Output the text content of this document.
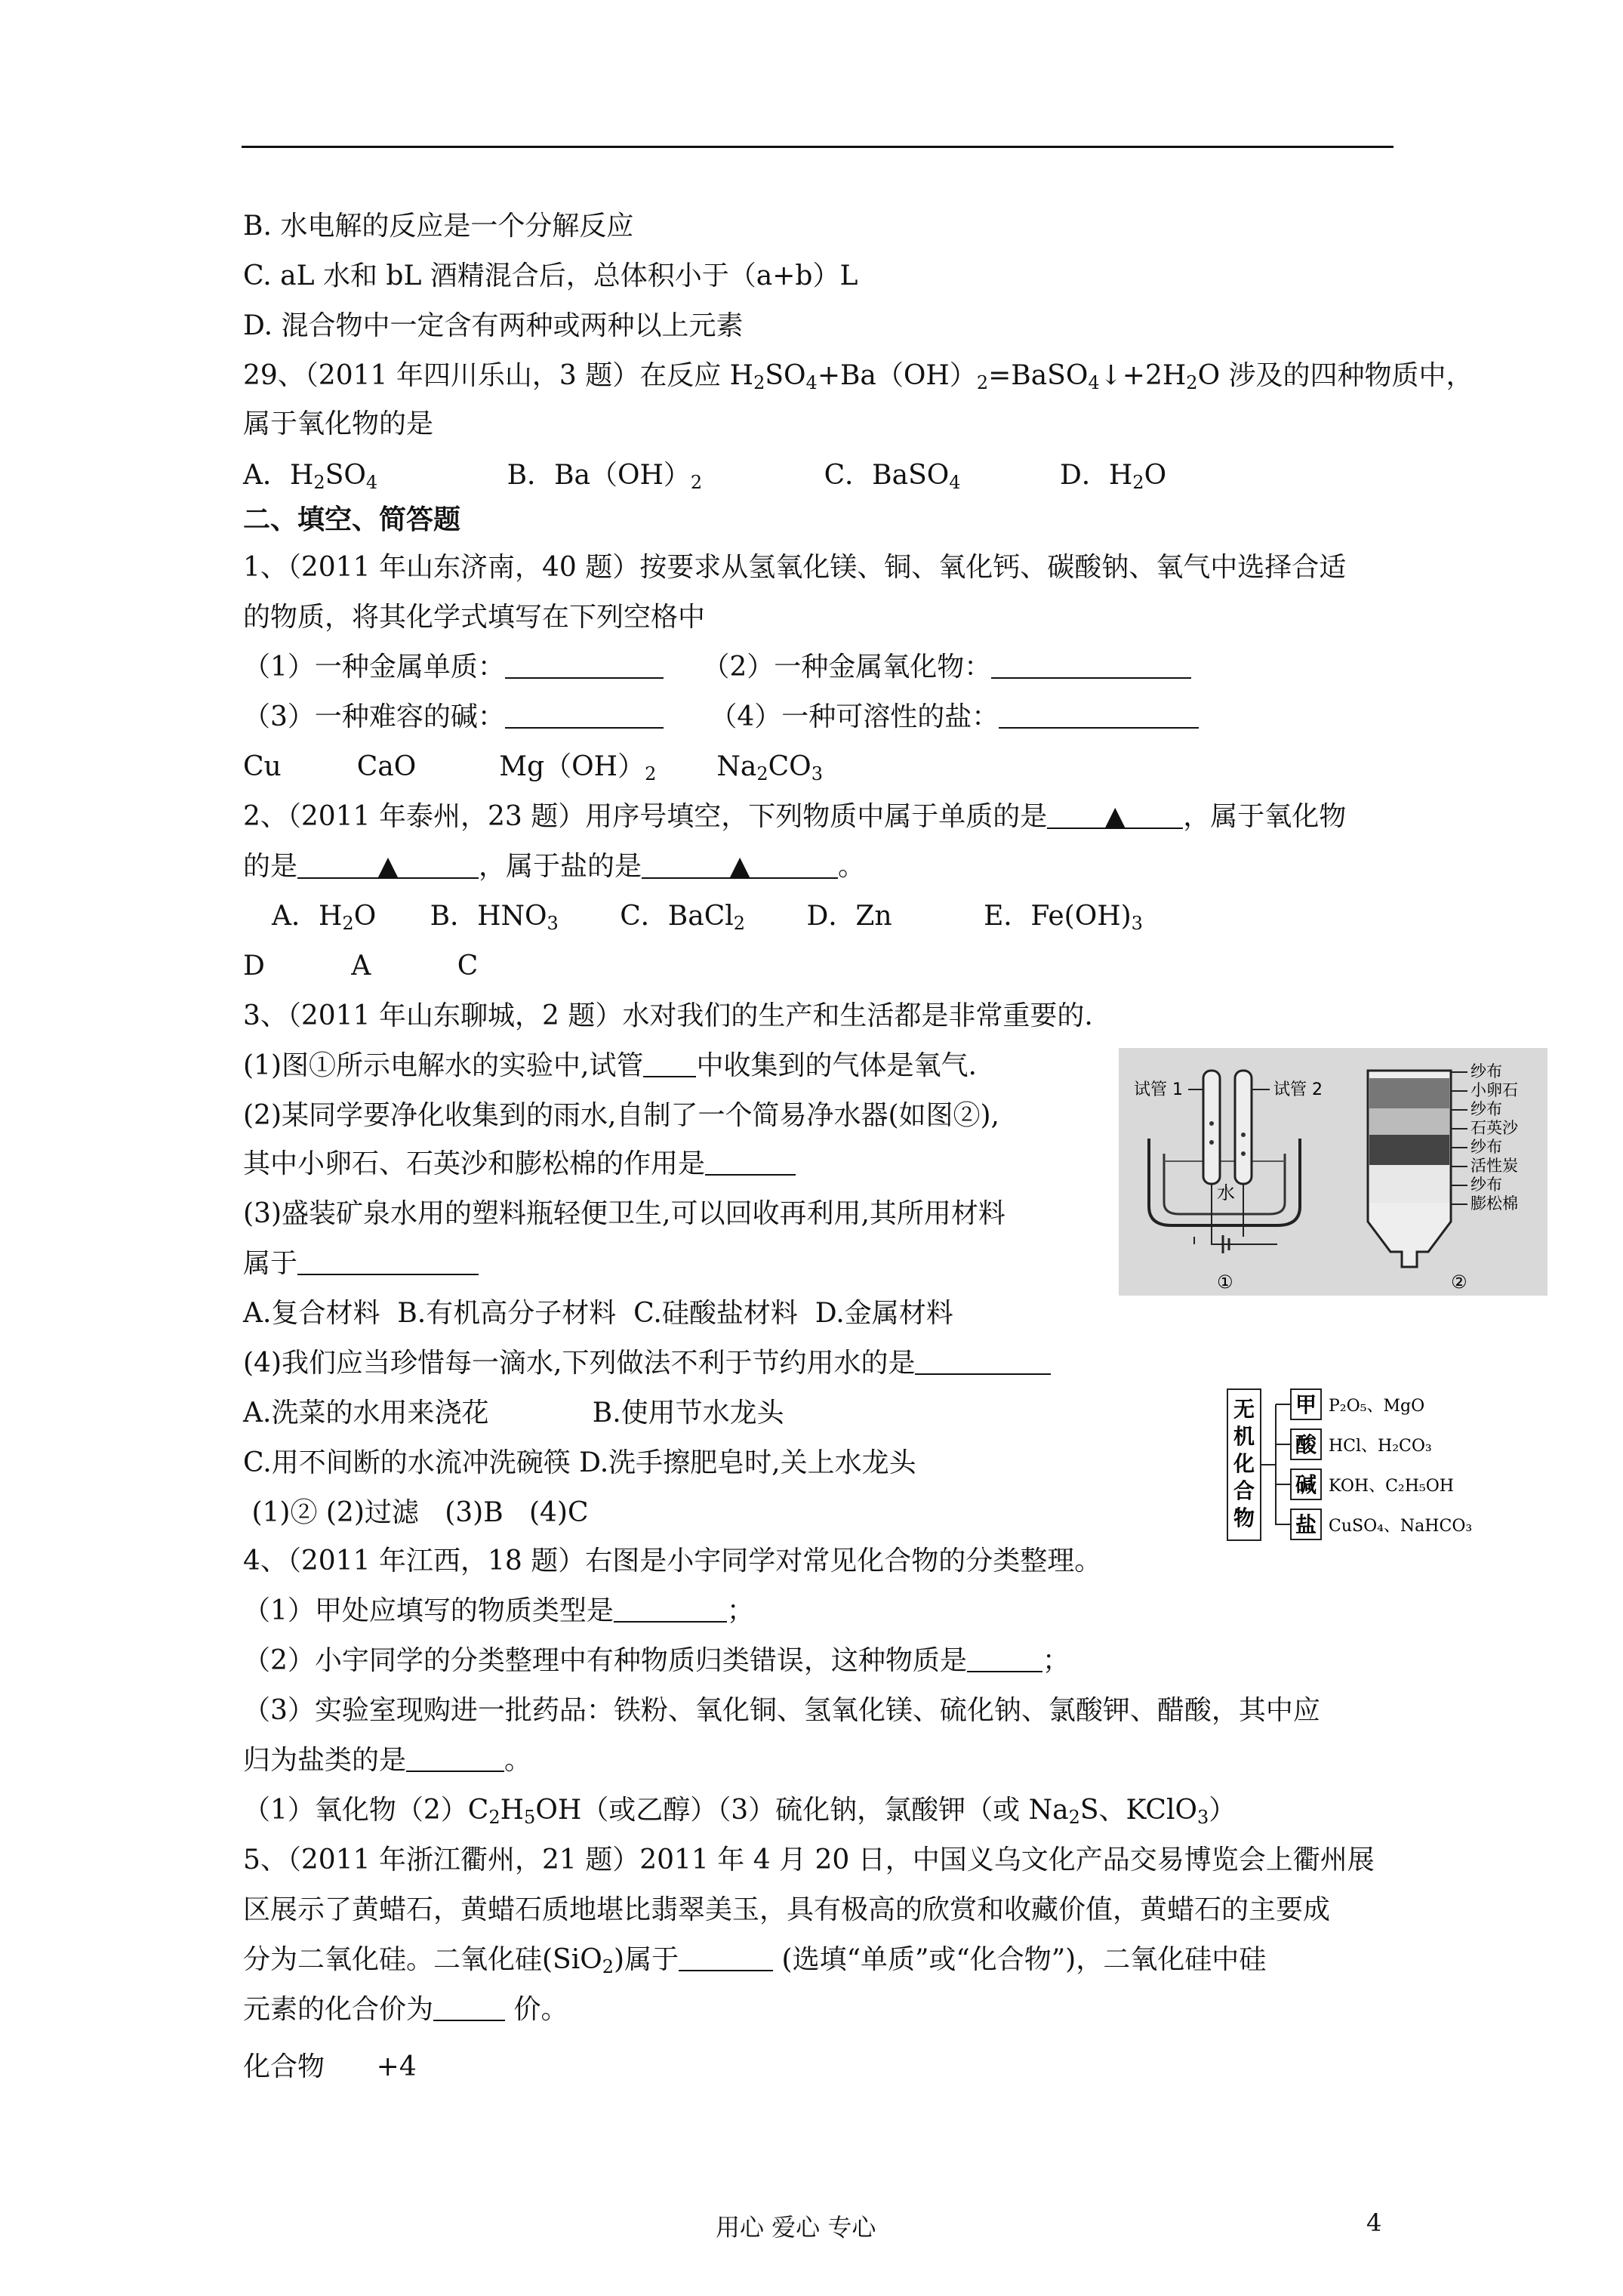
B. 水电解的反应是一个分解反应
C. aL 水和 bL 酒精混合后，总体积小于（a+b）L
D. 混合物中一定含有两种或两种以上元素
29、（2011 年四川乐山，3 题）在反应 $H_2SO_4+Ba(OH)_2=BaSO_4↓+2H_2O$ 涉及的四种物质中，
属于氧化物的是
A．$H_2SO_4$	B．$Ba(OH)_2$	C．BaSO$_4$	D．$H_2O$
二、填空、简答题
1、（2011 年山东济南，40 题）按要求从氢氧化镁、铜、氧化钙、碳酸钠、氧气中选择合适
的物质，将其化学式填写在下列空格中
（1）一种金属单质：	（2）一种金属氧化物：
（3）一种难容的碱：	（4）一种可溶性的盐：
Cu	CaO	$Mg(OH)_2$ $Na_2CO_3$
2、（2011 年泰州，23 题）用序号填空，下列物质中属于单质的是 ▲ ，属于氧化物
的是	▲	，属于盐的是	▲	。
A．$H_2O$ B．$HNO_3$ C．BaCl$_2$ D．Zn	E．$Fe(OH)_3$
D          A          C
3、（2011 年山东聊城，2 题）水对我们的生产和生活都是非常重要的.
(1)图①所示电解水的实验中,试管 中收集到的气体是氧气.
(2)某同学要净化收集到的雨水,自制了一个简易净水器(如图②),
其中小卵石、石英沙和膨松棉的作用是
(3)盛装矿泉水用的塑料瓶轻便卫生,可以回收再利用,其所用材料
属于
A.复合材料  B.有机高分子材料  C.硅酸盐材料  D.金属材料
(4)我们应当珍惜每一滴水,下列做法不利于节约用水的是
A.洗菜的水用来浇花            B.使用节水龙头
C.用不间断的水流冲洗碗筷 D.洗手擦肥皂时,关上水龙头
(1)② (2)过滤   (3)B   (4)C
4、（2011 年江西，18 题）右图是小宇同学对常见化合物的分类整理。
（1）甲处应填写的物质类型是	；
（2）小宇同学的分类整理中有种物质归类错误，这种物质是	；
（3）实验室现购进一批药品：铁粉、氧化铜、氢氧化镁、硫化钠、氯酸钾、醋酸，其中应
归为盐类的是	。
（1）氧化物$(2)C_2H_5OH$（或乙醇）（3）硫化钠，氯酸钾（或 $Na_2S$、KClO$_3$）
5、（2011 年浙江衢州，21 题）2011 年 4 月 20 日，中国义乌文化产品交易博览会上衢州展
区展示了黄蜡石，黄蜡石质地堪比翡翠美玉，具有极高的欣赏和收藏价值，黄蜡石的主要成
分为二氧化硅。二氧化硅(SiO$_2$)属于	(选填“单质”或“化合物”)，二氧化硅中硅
元素的化合价为	价。
化合物      +4
试管 1	试管 2
水
①
纱布
小卵石
纱布
石英沙
纱布
活性炭
纱布
膨松棉
②
无
机
化
合
物
甲 P₂O₅、MgO
酸 HCl、H₂CO₃
碱 KOH、C₂H₅OH
盐 CuSO₄、NaHCO₃
用心 爱心 专心	4
